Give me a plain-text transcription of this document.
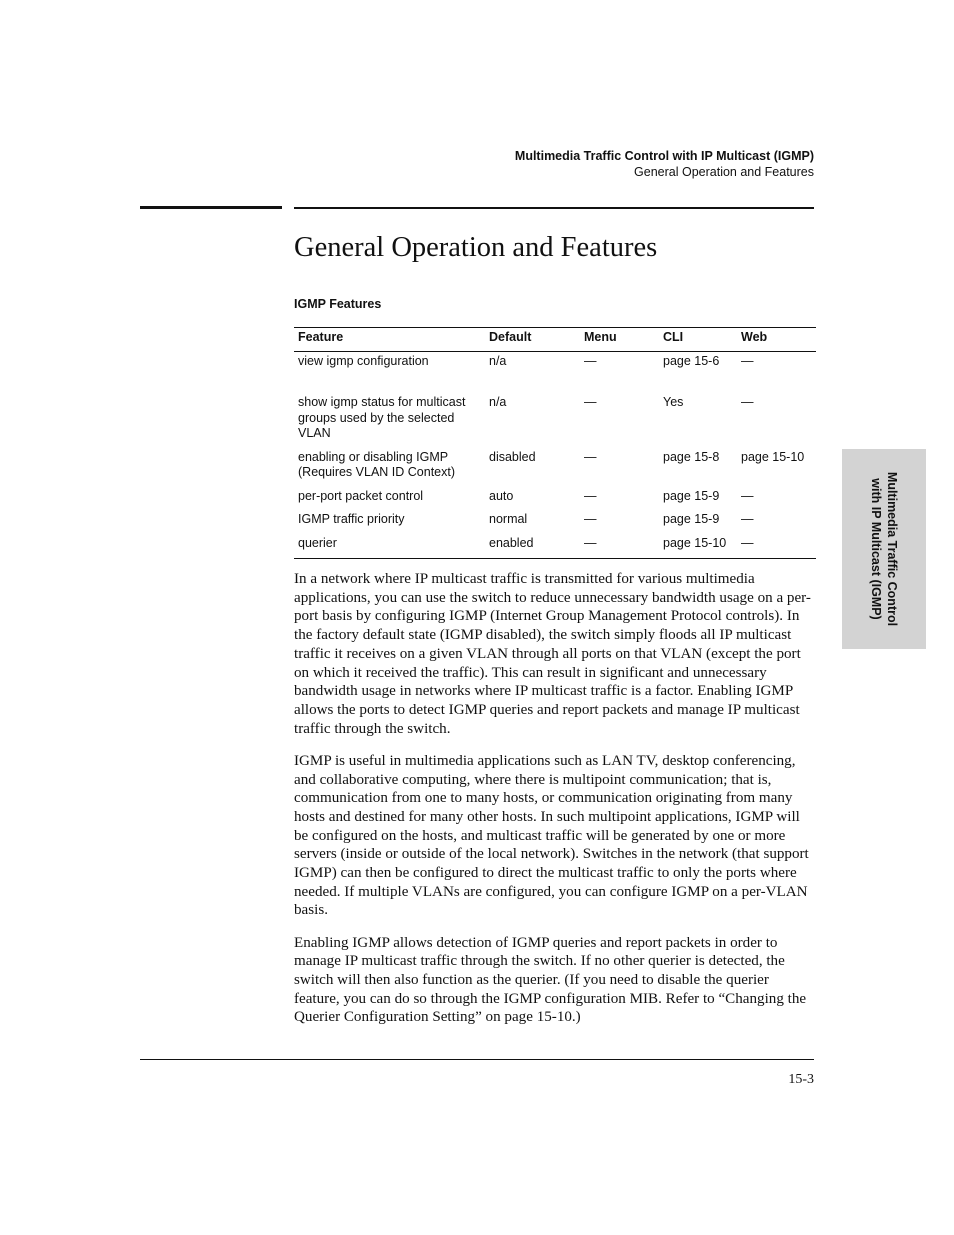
Multimedia Traffic Control with IP Multicast (IGMP)
General Operation and Features
General Operation and Features
IGMP Features
Feature	Default	Menu	CLI	Web
view igmp configuration	n/a	—	page 15-6	—
show igmp status for multicast groups used by the selected VLAN	n/a	—	Yes	—
enabling or disabling IGMP (Requires VLAN ID Context)	disabled	—	page 15-8	page 15-10
per-port packet control	auto	—	page 15-9	—
IGMP traffic priority	normal	—	page 15-9	—
querier	enabled	—	page 15-10	—

In a network where IP multicast traffic is transmitted for various multimedia applications, you can use the switch to reduce unnecessary bandwidth usage on a per-port basis by configuring IGMP (Internet Group Management Protocol controls). In the factory default state (IGMP disabled), the switch simply floods all IP multicast traffic it receives on a given VLAN through all ports on that VLAN (except the port on which it received the traffic). This can result in significant and unnecessary bandwidth usage in networks where IP multicast traffic is a factor. Enabling IGMP allows the ports to detect IGMP queries and report packets and manage IP multicast traffic through the switch.

IGMP is useful in multimedia applications such as LAN TV, desktop conferencing, and collaborative computing, where there is multipoint communication; that is, communication from one to many hosts, or communication originating from many hosts and destined for many other hosts. In such multipoint applications, IGMP will be configured on the hosts, and multicast traffic will be generated by one or more servers (inside or outside of the local network). Switches in the network (that support IGMP) can then be configured to direct the multicast traffic to only the ports where needed. If multiple VLANs are configured, you can configure IGMP on a per-VLAN basis.

Enabling IGMP allows detection of IGMP queries and report packets in order to manage IP multicast traffic through the switch. If no other querier is detected, the switch will then also function as the querier. (If you need to disable the querier feature, you can do so through the IGMP configuration MIB. Refer to “Changing the Querier Configuration Setting” on page 15-10.)

Multimedia Traffic Control
with IP Multicast (IGMP)
15-3
